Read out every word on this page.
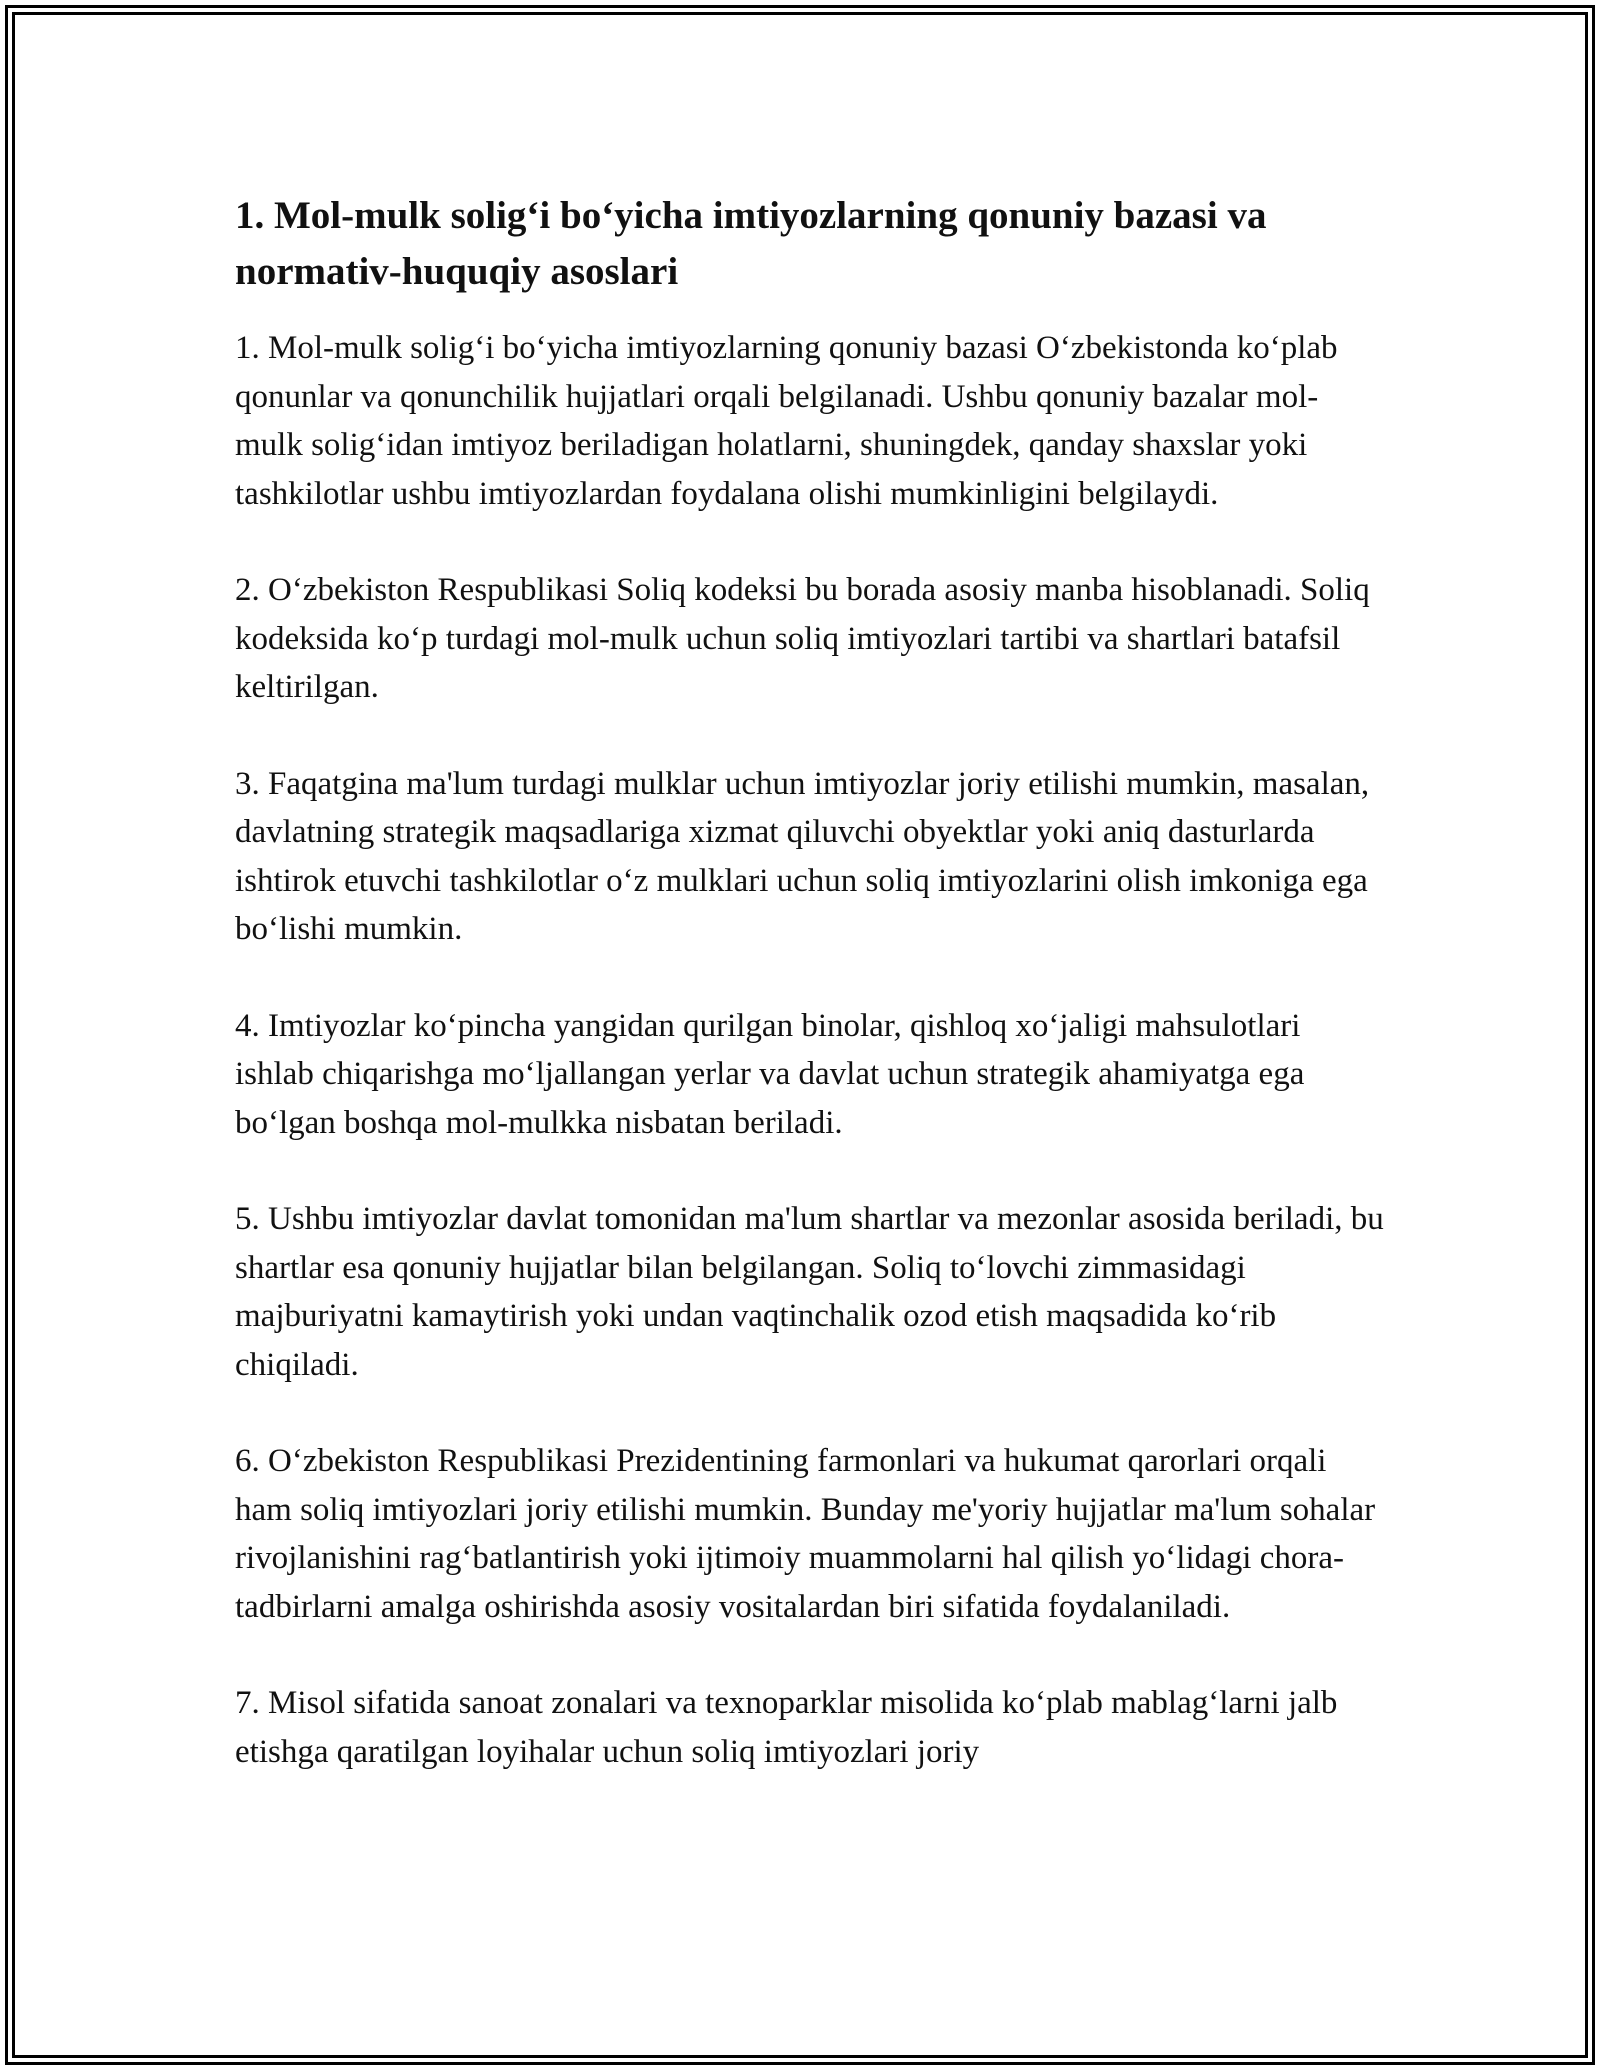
1. Mol-mulk solig‘i bo‘yicha imtiyozlarning qonuniy bazasi va normativ-huquqiy asoslari

1. Mol-mulk solig‘i bo‘yicha imtiyozlarning qonuniy bazasi O‘zbekistonda ko‘plab qonunlar va qonunchilik hujjatlari orqali belgilanadi. Ushbu qonuniy bazalar mol-mulk solig‘idan imtiyoz beriladigan holatlarni, shuningdek, qanday shaxslar yoki tashkilotlar ushbu imtiyozlardan foydalana olishi mumkinligini belgilaydi.

2. O‘zbekiston Respublikasi Soliq kodeksi bu borada asosiy manba hisoblanadi. Soliq kodeksida ko‘p turdagi mol-mulk uchun soliq imtiyozlari tartibi va shartlari batafsil keltirilgan.

3. Faqatgina ma'lum turdagi mulklar uchun imtiyozlar joriy etilishi mumkin, masalan, davlatning strategik maqsadlariga xizmat qiluvchi obyektlar yoki aniq dasturlarda ishtirok etuvchi tashkilotlar o‘z mulklari uchun soliq imtiyozlarini olish imkoniga ega bo‘lishi mumkin.

4. Imtiyozlar ko‘pincha yangidan qurilgan binolar, qishloq xo‘jaligi mahsulotlari ishlab chiqarishga mo‘ljallangan yerlar va davlat uchun strategik ahamiyatga ega bo‘lgan boshqa mol-mulkka nisbatan beriladi.

5. Ushbu imtiyozlar davlat tomonidan ma'lum shartlar va mezonlar asosida beriladi, bu shartlar esa qonuniy hujjatlar bilan belgilangan. Soliq to‘lovchi zimmasidagi majburiyatni kamaytirish yoki undan vaqtinchalik ozod etish maqsadida ko‘rib chiqiladi.

6. O‘zbekiston Respublikasi Prezidentining farmonlari va hukumat qarorlari orqali ham soliq imtiyozlari joriy etilishi mumkin. Bunday me'yoriy hujjatlar ma'lum sohalar rivojlanishini rag‘batlantirish yoki ijtimoiy muammolarni hal qilish yo‘lidagi chora-tadbirlarni amalga oshirishda asosiy vositalardan biri sifatida foydalaniladi.

7. Misol sifatida sanoat zonalari va texnoparklar misolida ko‘plab mablag‘larni jalb etishga qaratilgan loyihalar uchun soliq imtiyozlari joriy
